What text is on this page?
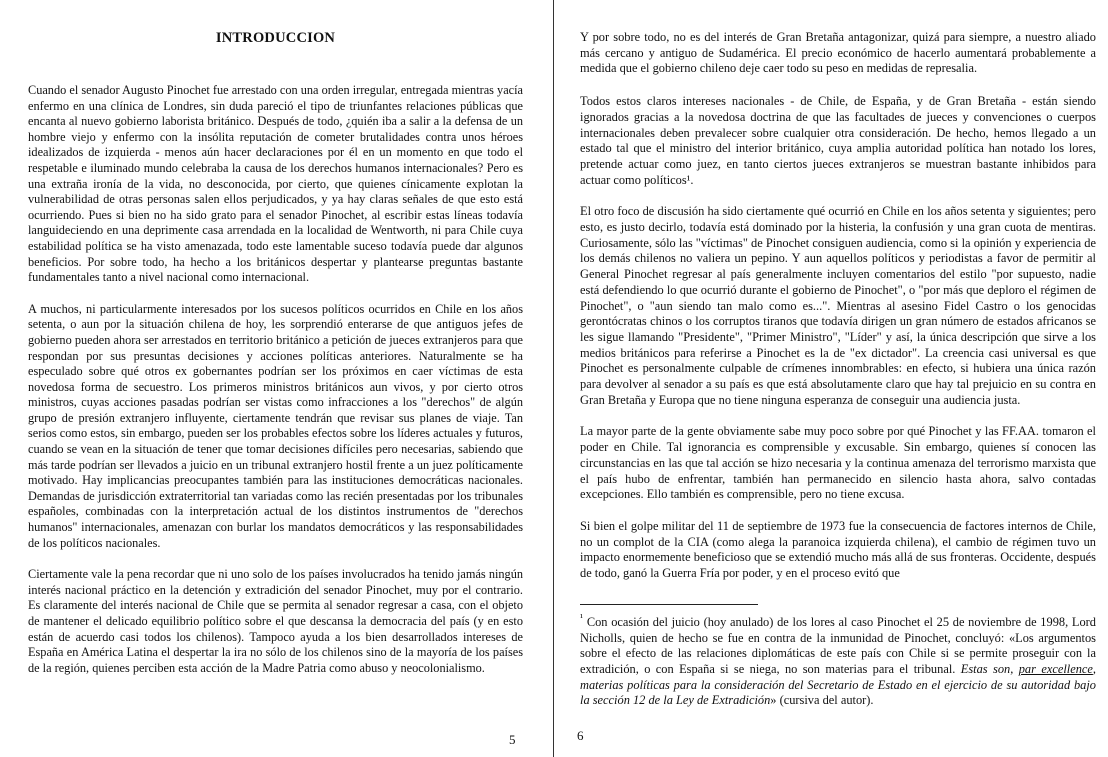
INTRODUCCION

Cuando el senador Augusto Pinochet fue arrestado con una orden irregular, entregada mientras yacía enfermo en una clínica de Londres, sin duda pareció el tipo de triunfantes relaciones públicas que encanta al nuevo gobierno laborista británico. Después de todo, ¿quién iba a salir a la defensa de un hombre viejo y enfermo con la insólita reputación de cometer brutalidades contra unos héroes idealizados de izquierda - menos aún hacer declaraciones por él en un momento en que todo el respetable e iluminado mundo celebraba la causa de los derechos humanos internacionales? Pero es una extraña ironía de la vida, no desconocida, por cierto, que quienes cínicamente explotan la vulnerabilidad de otras personas salen ellos perjudicados, y ya hay claras señales de que esto está ocurriendo. Pues si bien no ha sido grato para el senador Pinochet, al escribir estas líneas todavía languideciendo en una deprimente casa arrendada en la localidad de Wentworth, ni para Chile cuya estabilidad política se ha visto amenazada, todo este lamentable suceso todavía puede dar algunos beneficios. Por sobre todo, ha hecho a los británicos despertar y plantearse preguntas bastante fundamentales tanto a nivel nacional como internacional.

A muchos, ni particularmente interesados por los sucesos políticos ocurridos en Chile en los años setenta, o aun por la situación chilena de hoy, les sorprendió enterarse de que antiguos jefes de gobierno pueden ahora ser arrestados en territorio británico a petición de jueces extranjeros para que respondan por sus presuntas decisiones y acciones políticas anteriores. Naturalmente se ha especulado sobre qué otros ex gobernantes podrían ser los próximos en caer víctimas de esta novedosa forma de secuestro. Los primeros ministros británicos aun vivos, y por cierto otros ministros, cuyas acciones pasadas podrían ser vistas como infracciones a los "derechos" de algún grupo de presión extranjero influyente, ciertamente tendrán que revisar sus planes de viaje. Tan serios como estos, sin embargo, pueden ser los probables efectos sobre los líderes actuales y futuros, cuando se vean en la situación de tener que tomar decisiones difíciles pero necesarias, sabiendo que más tarde podrían ser llevados a juicio en un tribunal extranjero hostil frente a un juez políticamente motivado. Hay implicancias preocupantes también para las instituciones democráticas nacionales. Demandas de jurisdicción extraterritorial tan variadas como las recién presentadas por los tribunales españoles, combinadas con la interpretación actual de los distintos instrumentos de "derechos humanos" internacionales, amenazan con burlar los mandatos democráticos y las responsabilidades de los políticos nacionales.

Ciertamente vale la pena recordar que ni uno solo de los países involucrados ha tenido jamás ningún interés nacional práctico en la detención y extradición del senador Pinochet, muy por el contrario. Es claramente del interés nacional de Chile que se permita al senador regresar a casa, con el objeto de mantener el delicado equilibrio político sobre el que descansa la democracia del país (y en esto están de acuerdo casi todos los chilenos). Tampoco ayuda a los bien desarrollados intereses de España en América Latina el despertar la ira no sólo de los chilenos sino de la mayoría de los países de la región, quienes perciben esta acción de la Madre Patria como abuso y neocolonialismo.

5

Y por sobre todo, no es del interés de Gran Bretaña antagonizar, quizá para siempre, a nuestro aliado más cercano y antiguo de Sudamérica. El precio económico de hacerlo aumentará probablemente a medida que el gobierno chileno deje caer todo su peso en medidas de represalia.

Todos estos claros intereses nacionales - de Chile, de España, y de Gran Bretaña - están siendo ignorados gracias a la novedosa doctrina de que las facultades de jueces y convenciones o cuerpos internacionales deben prevalecer sobre cualquier otra consideración. De hecho, hemos llegado a un estado tal que el ministro del interior británico, cuya amplia autoridad política han notado los lores, pretende actuar como juez, en tanto ciertos jueces extranjeros se muestran bastante inhibidos para actuar como políticos¹.

El otro foco de discusión ha sido ciertamente qué ocurrió en Chile en los años setenta y siguientes; pero esto, es justo decirlo, todavía está dominado por la histeria, la confusión y una gran cuota de mentiras. Curiosamente, sólo las "víctimas" de Pinochet consiguen audiencia, como si la opinión y experiencia de los demás chilenos no valiera un pepino. Y aun aquellos políticos y periodistas a favor de permitir al General Pinochet regresar al país generalmente incluyen comentarios del estilo "por supuesto, nadie está defendiendo lo que ocurrió durante el gobierno de Pinochet", o "por más que deploro el régimen de Pinochet", o "aun siendo tan malo como es...". Mientras al asesino Fidel Castro o los genocidas gerontócratas chinos o los corruptos tiranos que todavía dirigen un gran número de estados africanos se les sigue llamando "Presidente", "Primer Ministro", "Líder" y así, la única descripción que sirve a los medios británicos para referirse a Pinochet es la de "ex dictador". La creencia casi universal es que Pinochet es personalmente culpable de crímenes innombrables: en efecto, si hubiera una única razón para devolver al senador a su país es que está absolutamente claro que hay tal prejuicio en su contra en Gran Bretaña y Europa que no tiene ninguna esperanza de conseguir una audiencia justa.

La mayor parte de la gente obviamente sabe muy poco sobre por qué Pinochet y las FF.AA. tomaron el poder en Chile. Tal ignorancia es comprensible y excusable. Sin embargo, quienes sí conocen las circunstancias en las que tal acción se hizo necesaria y la continua amenaza del terrorismo marxista que el país hubo de enfrentar, también han permanecido en silencio hasta ahora, salvo contadas excepciones. Ello también es comprensible, pero no tiene excusa.

Si bien el golpe militar del 11 de septiembre de 1973 fue la consecuencia de factores internos de Chile, no un complot de la CIA (como alega la paranoica izquierda chilena), el cambio de régimen tuvo un impacto enormemente beneficioso que se extendió mucho más allá de sus fronteras. Occidente, después de todo, ganó la Guerra Fría por poder, y en el proceso evitó que

$^{^1}$ Con ocasión del juicio (hoy anulado) de los lores al caso Pinochet el 25 de noviembre de 1998, Lord Nicholls, quien de hecho se fue en contra de la inmunidad de Pinochet, concluyó: «Los argumentos sobre el efecto de las relaciones diplomáticas de este país con Chile si se permite proseguir con la extradición, o con España si se niega, no son materias para el tribunal. Estas son, par excellence, materias políticas para la consideración del Secretario de Estado en el ejercicio de su autoridad bajo la sección 12 de la Ley de Extradición» (cursiva del autor).

6
